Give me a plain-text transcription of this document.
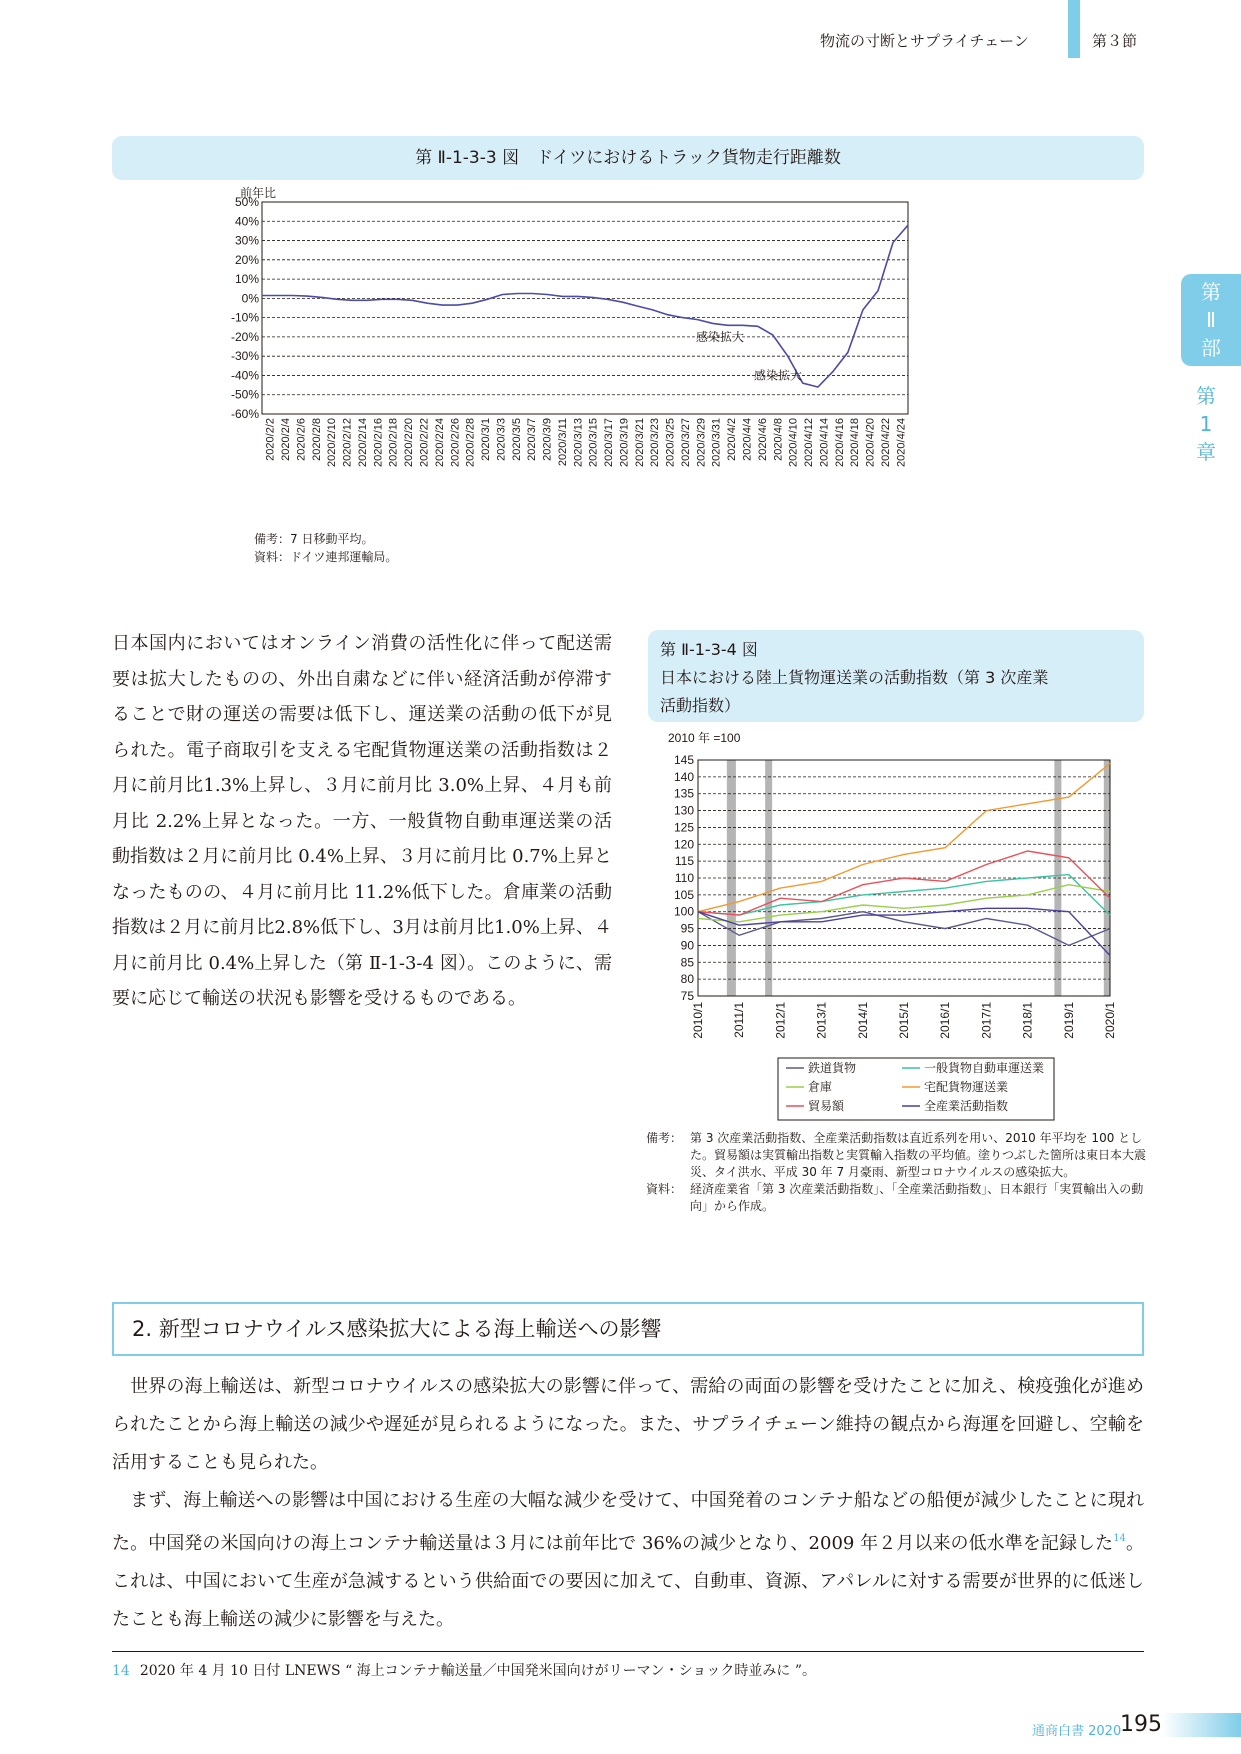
物流の寸断とサプライチェーン	第３節
第
Ⅱ
部
第
1
章
第 Ⅱ-1-3-3 図　ドイツにおけるトラック貨物走行距離数
前年比
50%
40%
30%
20%
10%
0%
-10%
-20%
-30%
-40%
-50%
-60%
2020/2/2 2020/2/4 2020/2/6 2020/2/8 2020/2/10 2020/2/12 2020/2/14 2020/2/16 2020/2/18 2020/2/20 2020/2/22 2020/2/24 2020/2/26 2020/2/28 2020/3/1 2020/3/3 2020/3/5 2020/3/7 2020/3/9 2020/3/11 2020/3/13 2020/3/15 2020/3/17 2020/3/19 2020/3/21 2020/3/23 2020/3/25 2020/3/27 2020/3/29 2020/3/31 2020/4/2 2020/4/4 2020/4/6 2020/4/8 2020/4/10 2020/4/12 2020/4/14 2020/4/16 2020/4/18 2020/4/20 2020/4/22 2020/4/24
感染拡大
感染拡大
備考：7 日移動平均。
資料：ドイツ連邦運輸局。
日本国内においてはオンライン消費の活性化に伴って配送需要は拡大したものの、外出自粛などに伴い経済活動が停滞することで財の運送の需要は低下し、運送業の活動の低下が見られた。電子商取引を支える宅配貨物運送業の活動指数は２月に前月比1.3%上昇し、３月に前月比 3.0%上昇、４月も前月比 2.2%上昇となった。一方、一般貨物自動車運送業の活動指数は２月に前月比 0.4%上昇、３月に前月比 0.7%上昇となったものの、４月に前月比 11.2%低下した。倉庫業の活動指数は２月に前月比2.8%低下し、3月は前月比1.0%上昇、４月に前月比 0.4%上昇した（第 Ⅱ-1-3-4 図）。このように、需要に応じて輸送の状況も影響を受けるものである。
第 Ⅱ-1-3-4 図
日本における陸上貨物運送業の活動指数（第 3 次産業
活動指数）
2010 年 =100
145
140
135
130
125
120
115
110
105
100
95
90
85
80
75
2010/1 2011/1 2012/1 2013/1 2014/1 2015/1 2016/1 2017/1 2018/1 2019/1 2020/1
鉄道貨物	一般貨物自動車運送業
倉庫	宅配貨物運送業
貿易額	全産業活動指数
備考： 第 3 次産業活動指数、全産業活動指数は直近系列を用い、2010 年平均を 100 とした。貿易額は実質輸出指数と実質輸入指数の平均値。塗りつぶした箇所は東日本大震災、タイ洪水、平成 30 年 7 月豪雨、新型コロナウイルスの感染拡大。
資料： 経済産業省「第 3 次産業活動指数」、「全産業活動指数」、日本銀行「実質輸出入の動向」から作成。
2. 新型コロナウイルス感染拡大による海上輸送への影響
　世界の海上輸送は、新型コロナウイルスの感染拡大の影響に伴って、需給の両面の影響を受けたことに加え、検疫強化が進められたことから海上輸送の減少や遅延が見られるようになった。また、サプライチェーン維持の観点から海運を回避し、空輸を活用することも見られた。
　まず、海上輸送への影響は中国における生産の大幅な減少を受けて、中国発着のコンテナ船などの船便が減少したことに現れた。中国発の米国向けの海上コンテナ輸送量は３月には前年比で 36%の減少となり、2009 年２月以来の低水準を記録した$^{14}$。これは、中国において生産が急減するという供給面での要因に加えて、自動車、資源、アパレルに対する需要が世界的に低迷したことも海上輸送の減少に影響を与えた。
14 2020 年 4 月 10 日付 LNEWS “ 海上コンテナ輸送量／中国発米国向けがリーマン・ショック時並みに ”。
通商白書 2020
195
